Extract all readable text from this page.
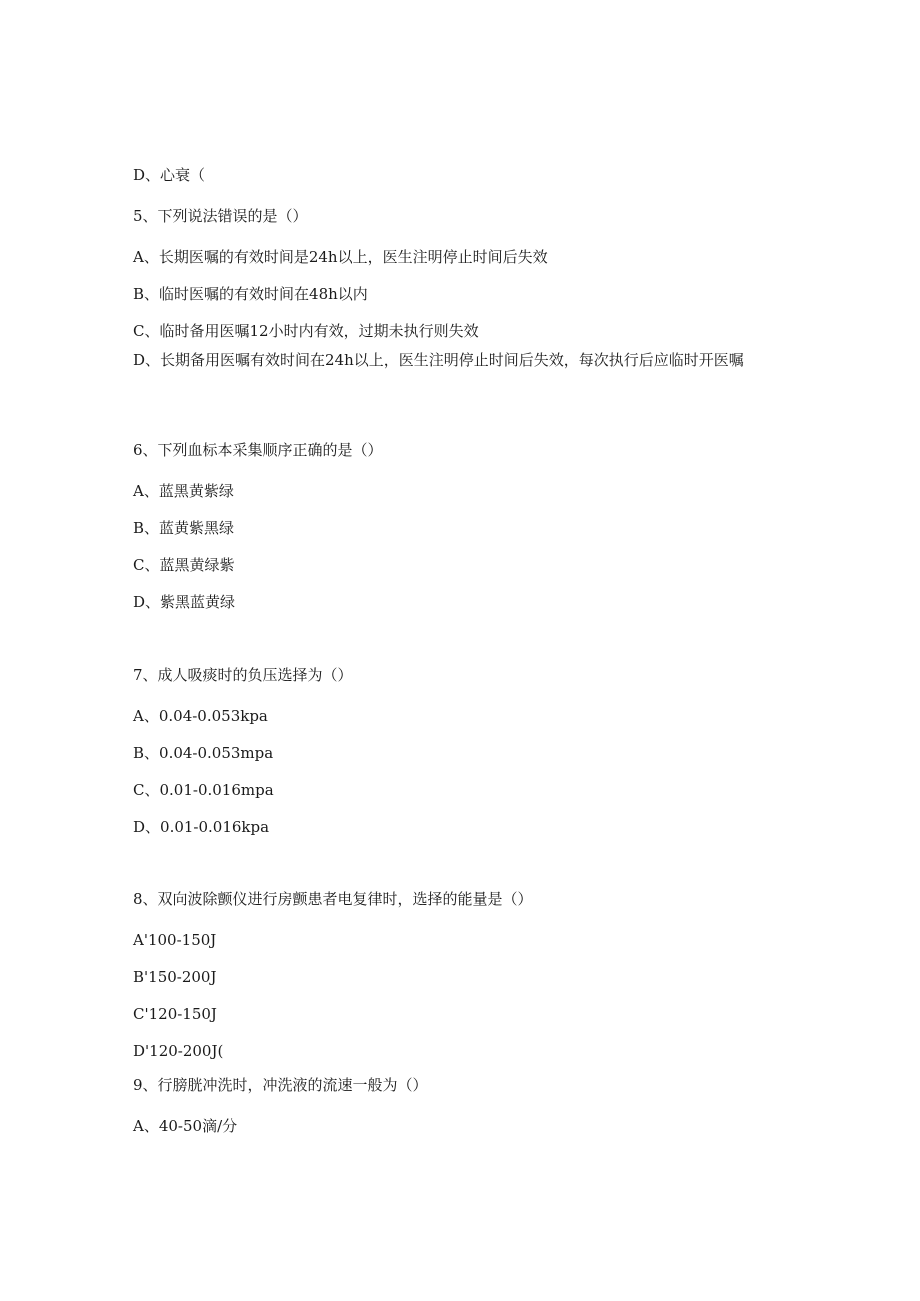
D、心衰（
5、下列说法错误的是（）
A、长期医嘱的有效时间是24h以上，医生注明停止时间后失效
B、临时医嘱的有效时间在48h以内
C、临时备用医嘱12小时内有效，过期未执行则失效
D、长期备用医嘱有效时间在24h以上，医生注明停止时间后失效，每次执行后应临时开医嘱
6、下列血标本采集顺序正确的是（）
A、蓝黑黄紫绿
B、蓝黄紫黑绿
C、蓝黑黄绿紫
D、紫黑蓝黄绿
7、成人吸痰时的负压选择为（）
A、0.04-0.053kpa
B、0.04-0.053mpa
C、0.01-0.016mpa
D、0.01-0.016kpa
8、双向波除颤仪进行房颤患者电复律时，选择的能量是（）
A'100-150J
B'150-200J
C'120-150J
D'120-200J(
9、行膀胱冲洗时，冲洗液的流速一般为（）
A、40-50滴/分
